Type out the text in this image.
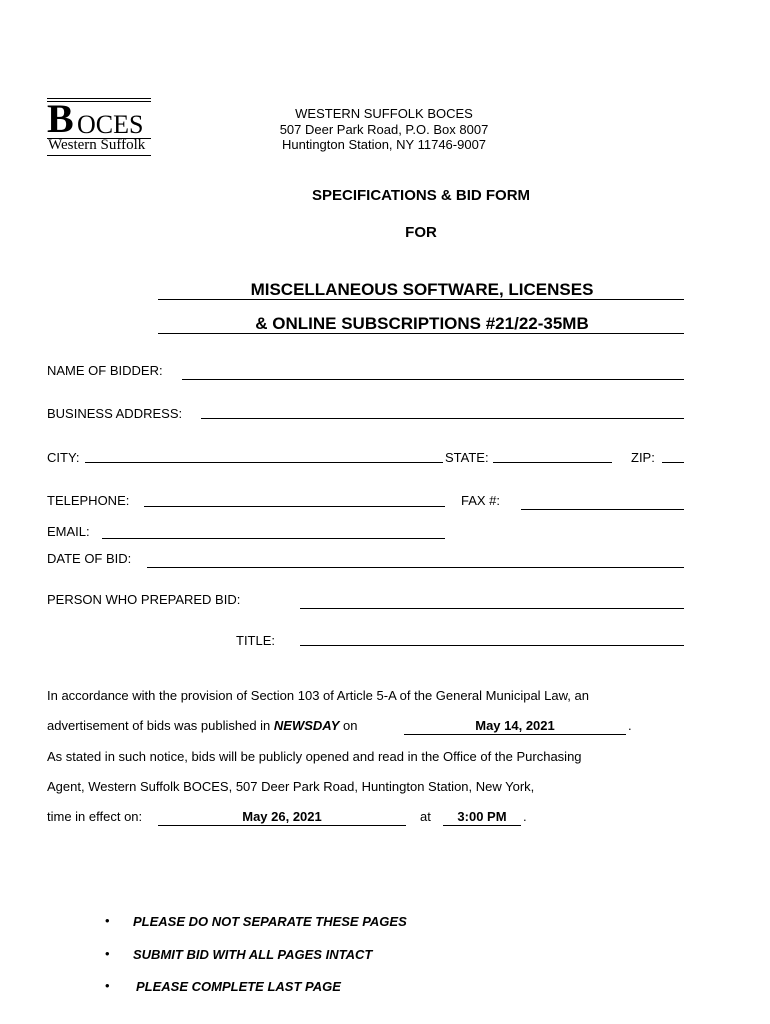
B OCES
Western Suffolk
WESTERN SUFFOLK BOCES
507 Deer Park Road, P.O. Box 8007
Huntington Station, NY 11746-9007
SPECIFICATIONS & BID FORM
FOR
MISCELLANEOUS SOFTWARE, LICENSES
& ONLINE SUBSCRIPTIONS #21/22-35MB
NAME OF BIDDER:
BUSINESS ADDRESS:
CITY:	STATE:	ZIP:
TELEPHONE:	FAX #:
EMAIL:
DATE OF BID:
PERSON WHO PREPARED BID:
TITLE:
In accordance with the provision of Section 103 of Article 5-A of the General Municipal Law, an
advertisement of bids was published in NEWSDAY on	May 14, 2021	.
As stated in such notice, bids will be publicly opened and read in the Office of the Purchasing
Agent, Western Suffolk BOCES, 507 Deer Park Road, Huntington Station, New York,
time in effect on:	May 26, 2021	at	3:00 PM	.
• PLEASE DO NOT SEPARATE THESE PAGES
• SUBMIT BID WITH ALL PAGES INTACT
• PLEASE COMPLETE LAST PAGE
